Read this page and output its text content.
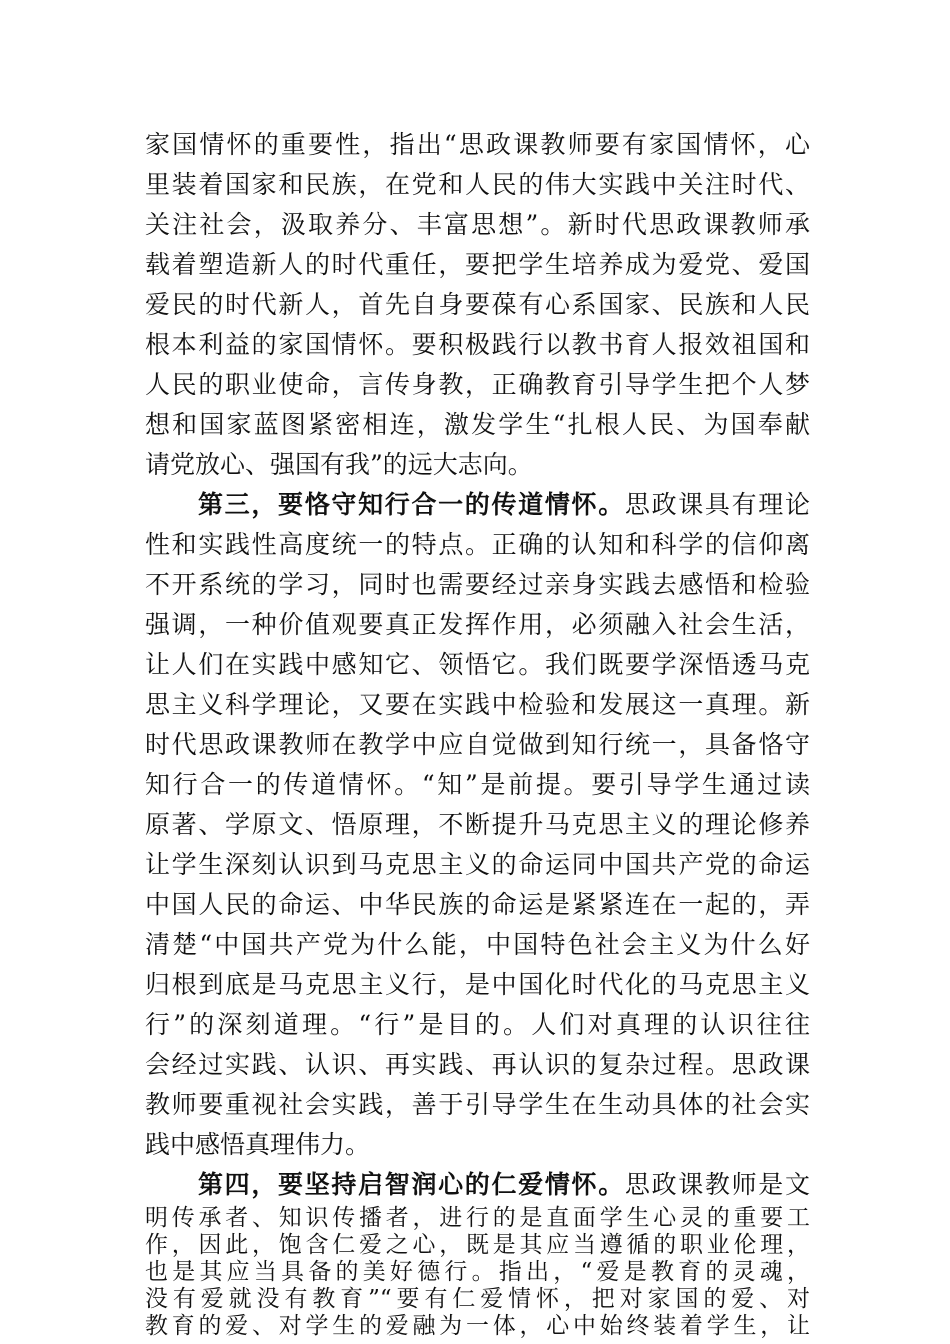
家国情怀的重要性，指出“思政课教师要有家国情怀，心
里装着国家和民族，在党和人民的伟大实践中关注时代、
关注社会，汲取养分、丰富思想”。新时代思政课教师承
载着塑造新人的时代重任，要把学生培养成为爱党、爱国
爱民的时代新人，首先自身要葆有心系国家、民族和人民
根本利益的家国情怀。要积极践行以教书育人报效祖国和
人民的职业使命，言传身教，正确教育引导学生把个人梦
想和国家蓝图紧密相连，激发学生“扎根人民、为国奉献
请党放心、强国有我”的远大志向。
第三，要恪守知行合一的传道情怀。思政课具有理论
性和实践性高度统一的特点。正确的认知和科学的信仰离
不开系统的学习，同时也需要经过亲身实践去感悟和检验
强调，一种价值观要真正发挥作用，必须融入社会生活，
让人们在实践中感知它、领悟它。我们既要学深悟透马克
思主义科学理论，又要在实践中检验和发展这一真理。新
时代思政课教师在教学中应自觉做到知行统一，具备恪守
知行合一的传道情怀。“知”是前提。要引导学生通过读
原著、学原文、悟原理，不断提升马克思主义的理论修养
让学生深刻认识到马克思主义的命运同中国共产党的命运
中国人民的命运、中华民族的命运是紧紧连在一起的，弄
清楚“中国共产党为什么能，中国特色社会主义为什么好
归根到底是马克思主义行，是中国化时代化的马克思主义
行”的深刻道理。“行”是目的。人们对真理的认识往往
会经过实践、认识、再实践、再认识的复杂过程。思政课
教师要重视社会实践，善于引导学生在生动具体的社会实
践中感悟真理伟力。
第四，要坚持启智润心的仁爱情怀。思政课教师是文
明传承者、知识传播者，进行的是直面学生心灵的重要工
作，因此，饱含仁爱之心，既是其应当遵循的职业伦理，
也是其应当具备的美好德行。指出，“爱是教育的灵魂，
没有爱就没有教育”“要有仁爱情怀，把对家国的爱、对
教育的爱、对学生的爱融为一体，心中始终装着学生，让
